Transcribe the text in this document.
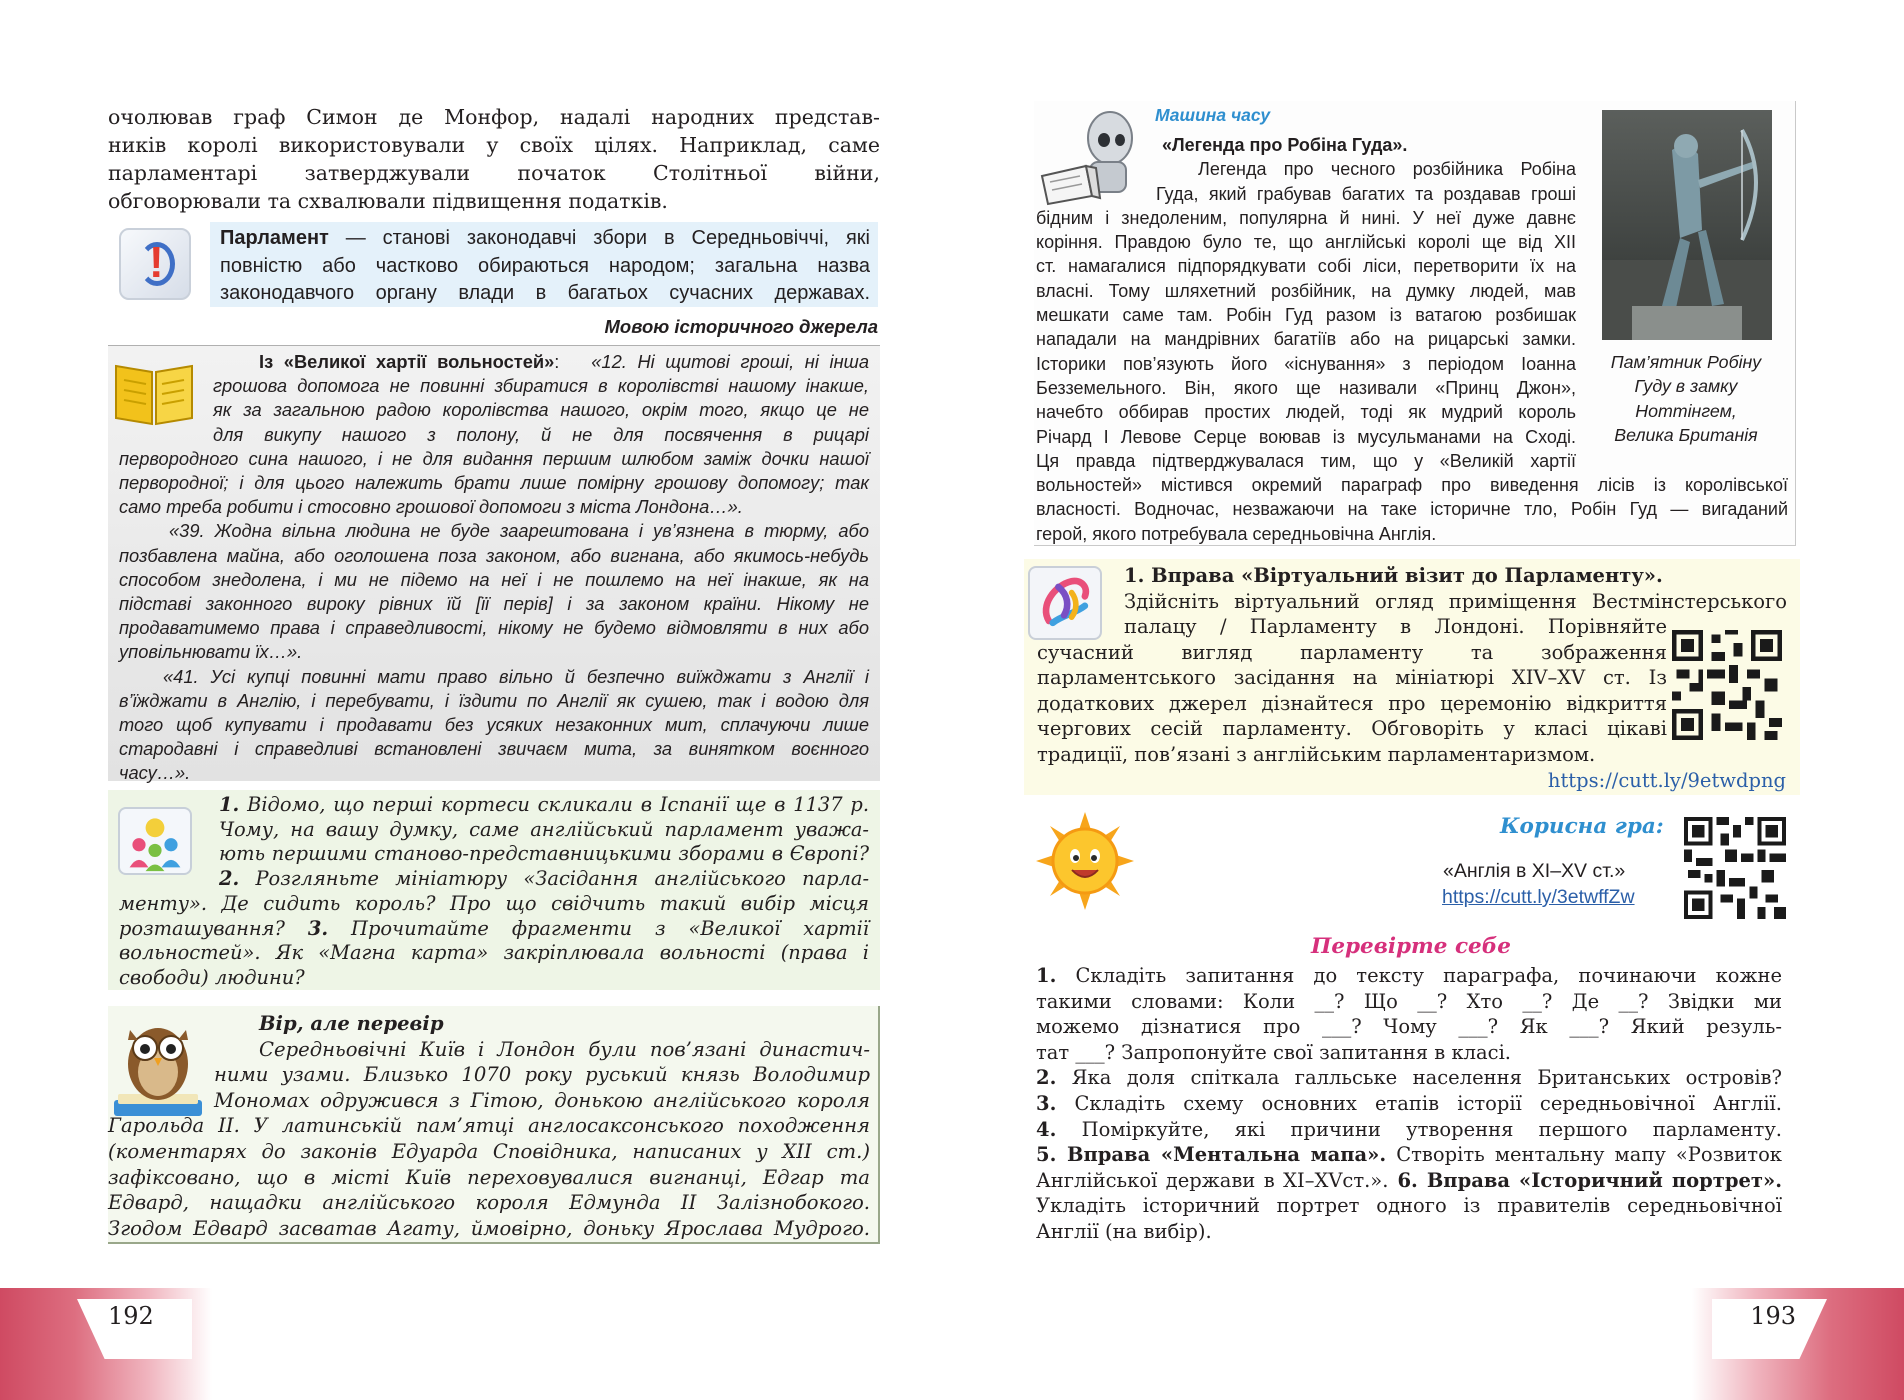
очолював граф Симон де Монфор, надалі народних представ-
ників королі використовували у своїх цілях. Наприклад, саме
парламентарі затверджували початок Столітньої війни,
обговорювали та схвалювали підвищення податків.
!	Парламент — станові законодавчі збори в Середньовіччі, які
повністю або частково обираються народом; загальна назва
законодавчого органу влади в багатьох сучасних державах.
Мовою історичного джерела
Із «Великої хартії вольностей»: «12. Ні щитові гроші, ні інша
грошова допомога не повинні збиратися в королівстві нашому інакше,
як за загальною радою королівства нашого, окрім того, якщо це не
для викупу нашого з полону, й не для посвячення в рицарі
первородного сина нашого, і не для видання першим шлюбом заміж дочки нашої
первородної; і для цього належить брати лише помірну грошову допомогу; так
само треба робити і стосовно грошової допомоги з міста Лондона…».
«39. Жодна вільна людина не буде заарештована і ув’язнена в тюрму, або
позбавлена майна, або оголошена поза законом, або вигнана, або якимось-небудь
способом знедолена, і ми не підемо на неї і не пошлемо на неї інакше, як на
підставі законного вироку рівних їй [її перів] і за законом країни. Нікому не
продаватимемо права і справедливості, нікому не будемо відмовляти в них або
уповільнювати їх…».
«41. Усі купці повинні мати право вільно й безпечно виїжджати з Англії і
в’їжджати в Англію, і перебувати, і їздити по Англії як сушею, так і водою для
того щоб купувати і продавати без усяких незаконних мит, сплачуючи лише
стародавні і справедливі встановлені звичаєм мита, за винятком воєнного
часу…».
1. Відомо, що перші кортеси скликали в Іспанії ще в 1137 р.
Чому, на вашу думку, саме англійський парламент уважа-
ють першими станово-представницькими зборами в Європі?
2. Розгляньте мініатюру «Засідання англійського парла-
менту». Де сидить король? Про що свідчить такий вибір місця
розташування? 3. Прочитайте фрагменти з «Великої хартії
вольностей». Як «Магна карта» закріплювала вольності (права і
свободи) людини?
Вір, але перевір
Середньовічні Київ і Лондон були пов’язані династич-
ними узами. Близько 1070 року руський князь Володимир
Мономах одружився з Гітою, донькою англійського короля
Гарольда ІІ. У латинській пам’ятці англосаксонського походження
(коментарях до законів Едуарда Сповідника, написаних у ХІІ ст.)
зафіксовано, що в місті Київ переховувалися вигнанці, Едгар та
Едвард, нащадки англійського короля Едмунда ІІ Залізнобокого.
Згодом Едвард засватав Агату, ймовірно, доньку Ярослава Мудрого.
Машина часу
Пам’ятник Робіну
Гуду в замку
Ноттінгем,
Велика Британія
«Легенда про Робіна Гуда».
Легенда про чесного розбійника Робіна
Гуда, який грабував багатих та роздавав гроші
бідним і знедоленим, популярна й нині. У неї дуже давнє
коріння. Правдою було те, що англійські королі ще від ХІІ
ст. намагалися підпорядкувати собі ліси, перетворити їх на
власні. Тому шляхетний розбійник, на думку людей, мав
мешкати саме там. Робін Гуд разом із ватагою розбишак
нападали на мандрівних багатіїв або на рицарські замки.
Історики пов’язують його «існування» з періодом Іоанна
Безземельного. Він, якого ще називали «Принц Джон»,
начебто оббирав простих людей, тоді як мудрий король
Річард І Левове Серце воював із мусульманами на Сході.
Ця правда підтверджувалася тим, що у «Великій хартії
вольностей» містився окремий параграф про виведення лісів із королівської
власності. Водночас, незважаючи на таке історичне тло, Робін Гуд — вигаданий
герой, якого потребувала середньовічна Англія.
1. Вправа «Віртуальний візит до Парламенту».
Здійсніть віртуальний огляд приміщення Вестмінстерського
палацу / Парламенту в Лондоні. Порівняйте
сучасний вигляд парламенту та зображення
парламентського засідання на мініатюрі XIV–XV ст. Із
додаткових джерел дізнайтеся про церемонію відкриття
чергових сесій парламенту. Обговоріть у класі цікаві
традиції, пов’язані з англійським парламентаризмом.
https://cutt.ly/9etwdpng
Корисна гра:
«Англія в ХІ–ХV ст.»
https://cutt.ly/3etwffZw
Перевірте себе
1. Складіть запитання до тексту параграфа, починаючи кожне
такими словами: Коли __? Що __? Хто __? Де __? Звідки ми
можемо дізнатися про ___? Чому ___? Як ___? Який резуль-
тат ___? Запропонуйте свої запитання в класі.
2. Яка доля спіткала галльське населення Британських островів?
3. Складіть схему основних етапів історії середньовічної Англії.
4. Поміркуйте, які причини утворення першого парламенту.
5. Вправа «Ментальна мапа». Створіть ментальну мапу «Розвиток
Англійської держави в ХІ–ХVст.». 6. Вправа «Історичний портрет».
Укладіть історичний портрет одного із правителів середньовічної
Англії (на вибір).
192	193
